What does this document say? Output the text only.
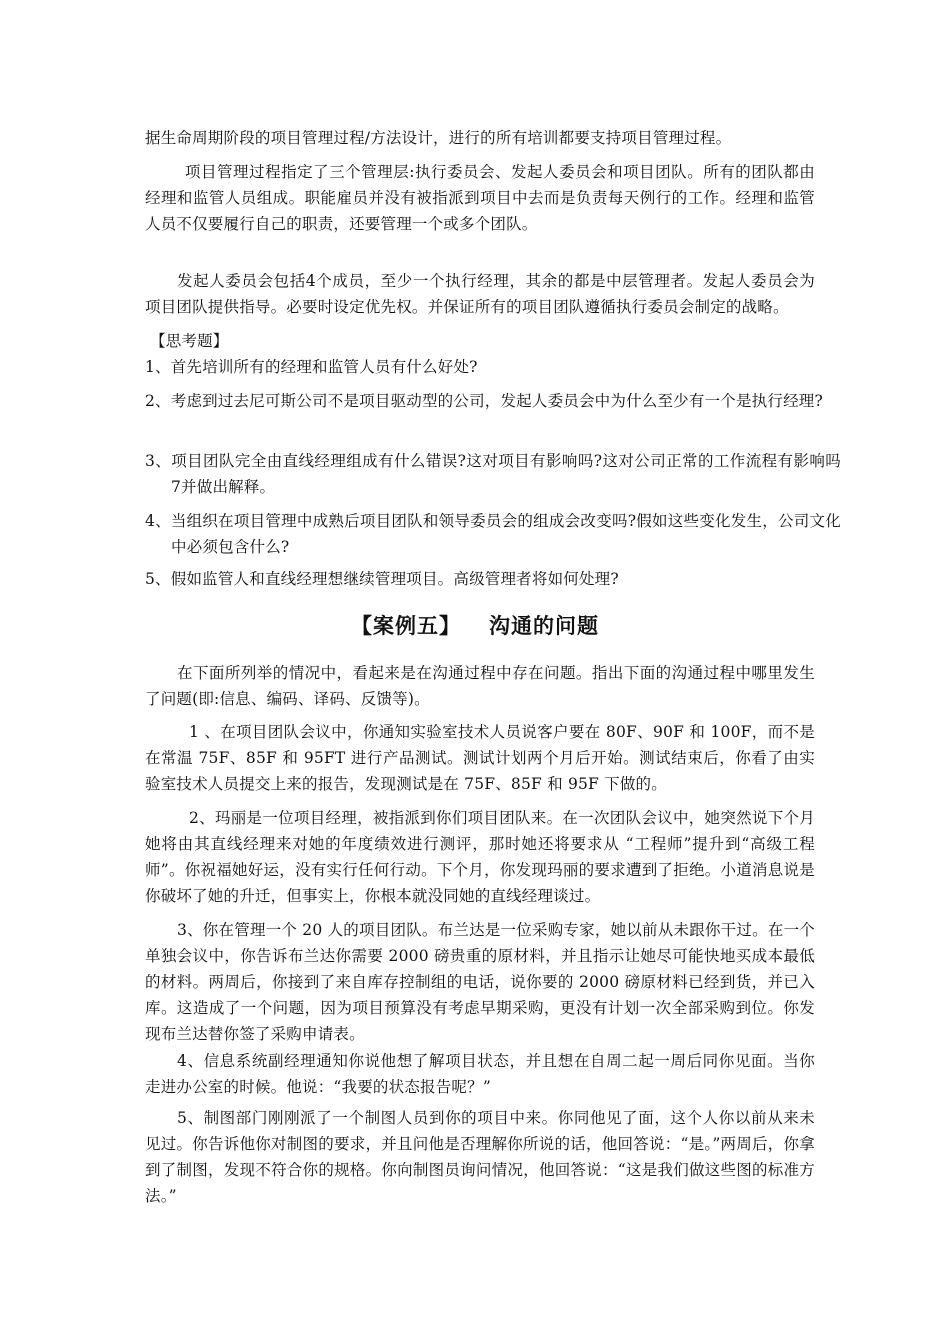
据生命周期阶段的项目管理过程/方法设计，进行的所有培训都要支持项目管理过程。

项目管理过程指定了三个管理层:执行委员会、发起人委员会和项目团队。所有的团队都由经理和监管人员组成。职能雇员并没有被指派到项目中去而是负责每天例行的工作。经理和监管人员不仅要履行自己的职责，还要管理一个或多个团队。

发起人委员会包括4个成员，至少一个执行经理，其余的都是中层管理者。发起人委员会为项目团队提供指导。必要时设定优先权。并保证所有的项目团队遵循执行委员会制定的战略。

【思考题】

1、首先培训所有的经理和监管人员有什么好处?

2、考虑到过去尼可斯公司不是项目驱动型的公司，发起人委员会中为什么至少有一个是执行经理?

3、项目团队完全由直线经理组成有什么错误?这对项目有影响吗?这对公司正常的工作流程有影响吗7并做出解释。

4、当组织在项目管理中成熟后项目团队和领导委员会的组成会改变吗?假如这些变化发生，公司文化中必须包含什么?

5、假如监管人和直线经理想继续管理项目。高级管理者将如何处理?

【案例五】 沟通的问题

在下面所列举的情况中，看起来是在沟通过程中存在问题。指出下面的沟通过程中哪里发生了问题(即:信息、编码、译码、反馈等)。

1 、在项目团队会议中，你通知实验室技术人员说客户要在 80F、90F 和 100F，而不是在常温 75F、85F 和 95FT 进行产品测试。测试计划两个月后开始。测试结束后，你看了由实验室技术人员提交上来的报告，发现测试是在 75F、85F 和 95F 下做的。

2、玛丽是一位项目经理，被指派到你们项目团队来。在一次团队会议中，她突然说下个月她将由其直线经理来对她的年度绩效进行测评，那时她还将要求从 “工程师”提升到“高级工程师”。你祝福她好运，没有实行任何行动。下个月，你发现玛丽的要求遭到了拒绝。小道消息说是你破坏了她的升迁，但事实上，你根本就没同她的直线经理谈过。

3、你在管理一个 20 人的项目团队。布兰达是一位采购专家，她以前从未跟你干过。在一个单独会议中，你告诉布兰达你需要 2000 磅贵重的原材料，并且指示让她尽可能快地买成本最低的材料。两周后，你接到了来自库存控制组的电话，说你要的 2000 磅原材料已经到货，并已入库。这造成了一个问题，因为项目预算没有考虑早期采购，更没有计划一次全部采购到位。你发现布兰达替你签了采购申请表。

4、信息系统副经理通知你说他想了解项目状态，并且想在自周二起一周后同你见面。当你走进办公室的时候。他说：“我要的状态报告呢？”

5、制图部门刚刚派了一个制图人员到你的项目中来。你同他见了面，这个人你以前从来未见过。你告诉他你对制图的要求，并且问他是否理解你所说的话，他回答说：“是。”两周后，你拿到了制图，发现不符合你的规格。你向制图员询问情况，他回答说：“这是我们做这些图的标准方法。”
